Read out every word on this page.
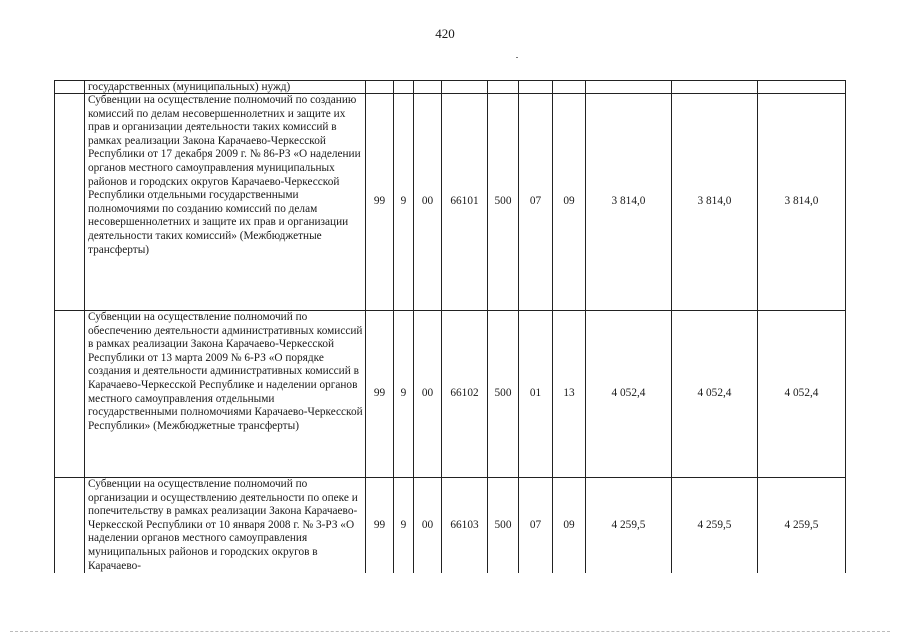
420
	государственных (муниципальных) нужд)										
	Субвенции на осуществление полномочий по созданию комиссий по делам несовершеннолетних и защите их прав и организации деятельности таких комиссий в рамках реализации Закона Карачаево-Черкесской Республики от 17 декабря 2009 г. № 86-РЗ «О наделении органов местного самоуправления муниципальных районов и городских округов Карачаево-Черкесской Республики отдельными государственными полномочиями по созданию комиссий по делам несовершеннолетних и защите их прав и организации деятельности таких комиссий» (Межбюджетные трансферты)	99	9	00	66101	500	07	09	3 814,0	3 814,0	3 814,0
	Субвенции на осуществление полномочий по обеспечению деятельности административных комиссий в рамках реализации Закона Карачаево-Черкесской Республики от 13 марта 2009 № 6-РЗ «О порядке создания и деятельности административных комиссий в Карачаево-Черкесской Республике и наделении органов местного самоуправления отдельными государственными полномочиями Карачаево-Черкесской Республики» (Межбюджетные трансферты)	99	9	00	66102	500	01	13	4 052,4	4 052,4	4 052,4
	Субвенции на осуществление полномочий по организации и осуществлению деятельности по опеке и попечительству в рамках реализации Закона Карачаево-Черкесской Республики от 10 января 2008 г. № 3-РЗ «О наделении органов местного самоуправления муниципальных районов и городских округов в Карачаево-	99	9	00	66103	500	07	09	4 259,5	4 259,5	4 259,5
